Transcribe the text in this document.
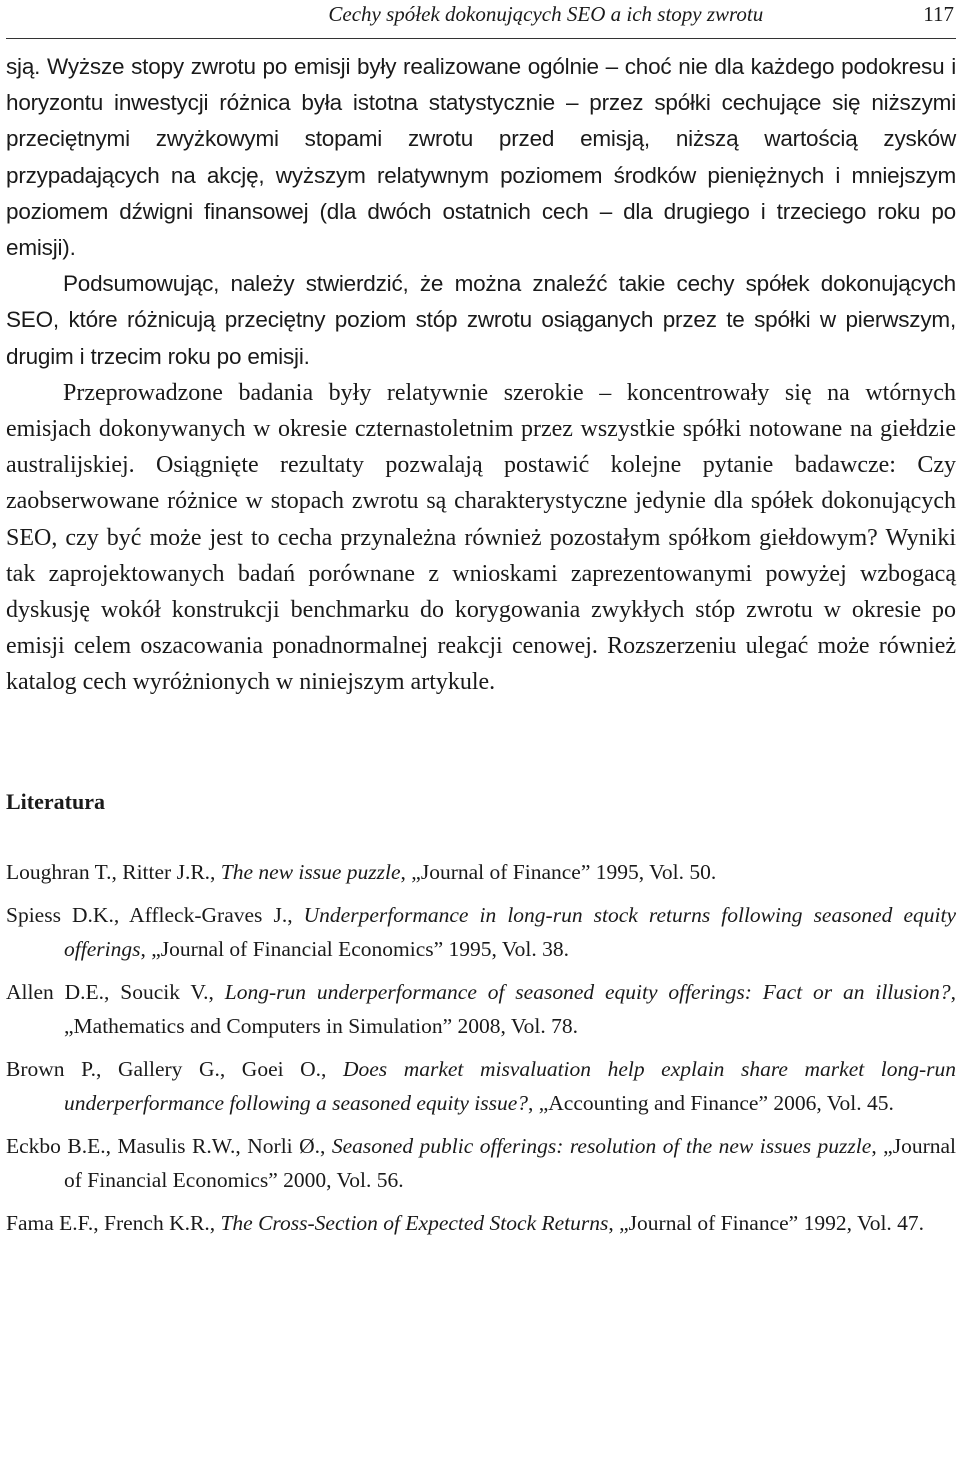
Cechy spółek dokonujących SEO a ich stopy zwrotu	117

sją. Wyższe stopy zwrotu po emisji były realizowane ogólnie – choć nie dla każdego podokresu i horyzontu inwestycji różnica była istotna statystycznie – przez spółki cechujące się niższymi przeciętnymi zwyżkowymi stopami zwrotu przed emisją, niższą wartością zysków przypadających na akcję, wyższym relatywnym poziomem środków pieniężnych i mniejszym poziomem dźwigni finansowej (dla dwóch ostatnich cech – dla drugiego i trzeciego roku po emisji).

Podsumowując, należy stwierdzić, że można znaleźć takie cechy spółek dokonujących SEO, które różnicują przeciętny poziom stóp zwrotu osiąganych przez te spółki w pierwszym, drugim i trzecim roku po emisji.

Przeprowadzone badania były relatywnie szerokie – koncentrowały się na wtórnych emisjach dokonywanych w okresie czternastoletnim przez wszystkie spółki notowane na giełdzie australijskiej. Osiągnięte rezultaty pozwalają postawić kolejne pytanie badawcze: Czy zaobserwowane różnice w stopach zwrotu są charakterystyczne jedynie dla spółek dokonujących SEO, czy być może jest to cecha przynależna również pozostałym spółkom giełdowym? Wyniki tak zaprojektowanych badań porównane z wnioskami zaprezentowanymi powyżej wzbogacą dyskusję wokół konstrukcji benchmarku do korygowania zwykłych stóp zwrotu w okresie po emisji celem oszacowania ponadnormalnej reakcji cenowej. Rozszerzeniu ulegać może również katalog cech wyróżnionych w niniejszym artykule.

Literatura

Loughran T., Ritter J.R., The new issue puzzle, „Journal of Finance” 1995, Vol. 50.

Spiess D.K., Affleck-Graves J., Underperformance in long-run stock returns following seasoned equity offerings, „Journal of Financial Economics” 1995, Vol. 38.

Allen D.E., Soucik V., Long-run underperformance of seasoned equity offerings: Fact or an illusion?, „Mathematics and Computers in Simulation” 2008, Vol. 78.

Brown P., Gallery G., Goei O., Does market misvaluation help explain share market long-run underperformance following a seasoned equity issue?, „Accounting and Finance” 2006, Vol. 45.

Eckbo B.E., Masulis R.W., Norli Ø., Seasoned public offerings: resolution of the new issues puzzle, „Journal of Financial Economics” 2000, Vol. 56.

Fama E.F., French K.R., The Cross-Section of Expected Stock Returns, „Journal of Finance” 1992, Vol. 47.
